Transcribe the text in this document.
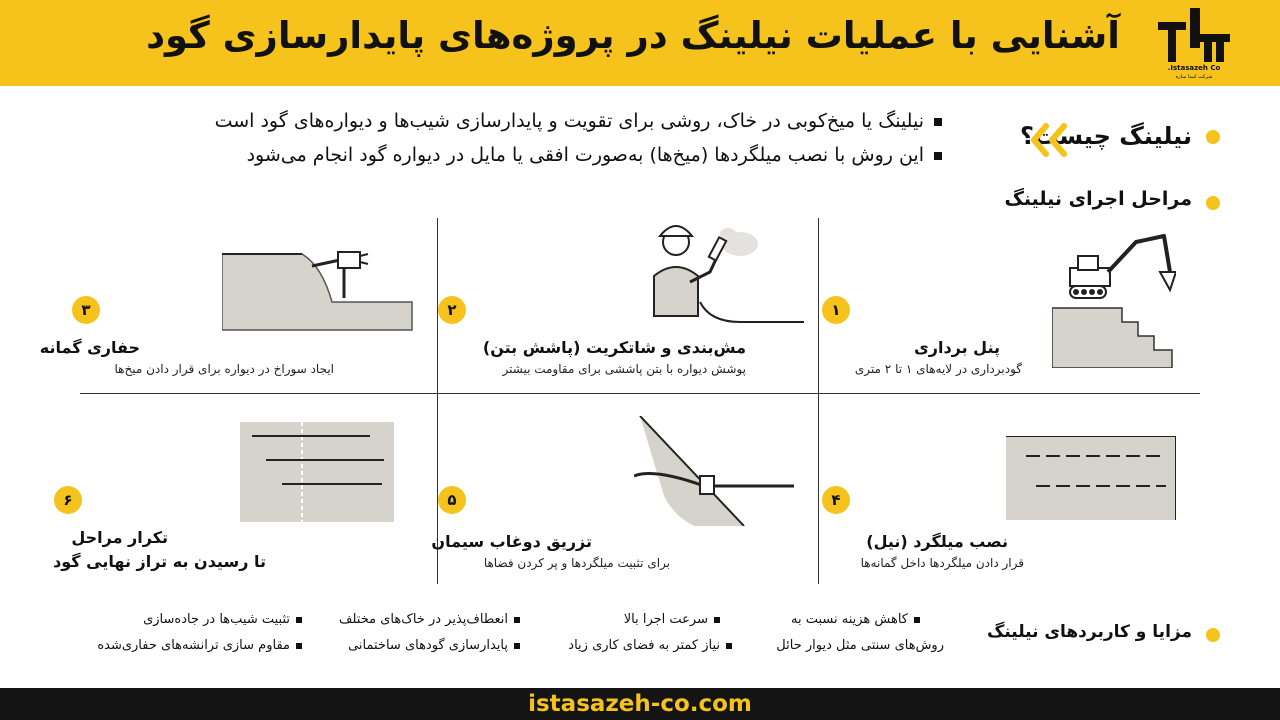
آشنایی با عملیات نیلینگ در پروژه‌های پایدارسازی گود
Istasazeh Co.
شرکت استا سازه
نیلینگ چیست؟
نیلینگ یا میخ‌کوبی در خاک، روشی برای تقویت و پایدارسازی شیب‌ها و دیواره‌های گود است
این روش با نصب میلگردها (میخ‌ها) به‌صورت افقی یا مایل در دیواره گود انجام می‌شود
مراحل اجرای نیلینگ
۱
پنل برداری
گودبرداری در لایه‌های ۱ تا ۲ متری
۲
مش‌بندی و شاتکریت (پاشش بتن)
پوشش دیواره با بتن پاششی برای مقاومت بیشتر
۳
حفاری گمانه
ایجاد سوراخ در دیواره برای قرار دادن میخ‌ها
۴
نصب میلگرد (نیل)
قرار دادن میلگردها داخل گمانه‌ها
۵
تزریق دوغاب سیمان
برای تثبیت میلگردها و پر کردن فضاها
۶
تکرار مراحل
تا رسیدن به تراز نهایی گود
مزایا و کاربردهای نیلینگ
کاهش هزینه نسبت به
روش‌های سنتی مثل دیوار حائل
سرعت اجرا بالا
نیاز کمتر به فضای کاری زیاد
انعطاف‌پذیر در خاک‌های مختلف
پایدارسازی گودهای ساختمانی
تثبیت شیب‌ها در جاده‌سازی
مقاوم سازی ترانشه‌های حفاری‌شده
istasazeh-co.com
